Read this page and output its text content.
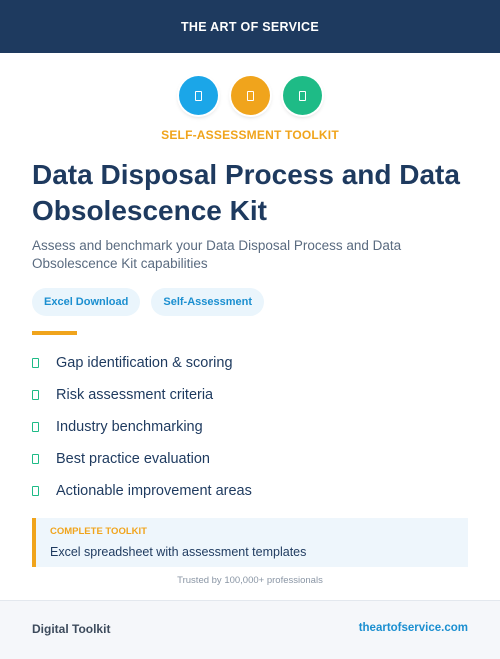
THE ART OF SERVICE
SELF-ASSESSMENT TOOLKIT
Data Disposal Process and Data Obsolescence Kit

Assess and benchmark your Data Disposal Process and Data Obsolescence Kit capabilities

Excel Download	Self-Assessment
Gap identification & scoring
Risk assessment criteria
Industry benchmarking
Best practice evaluation
Actionable improvement areas
COMPLETE TOOLKIT
Excel spreadsheet with assessment templates
Trusted by 100,000+ professionals
Digital Toolkit	theartofservice.com
